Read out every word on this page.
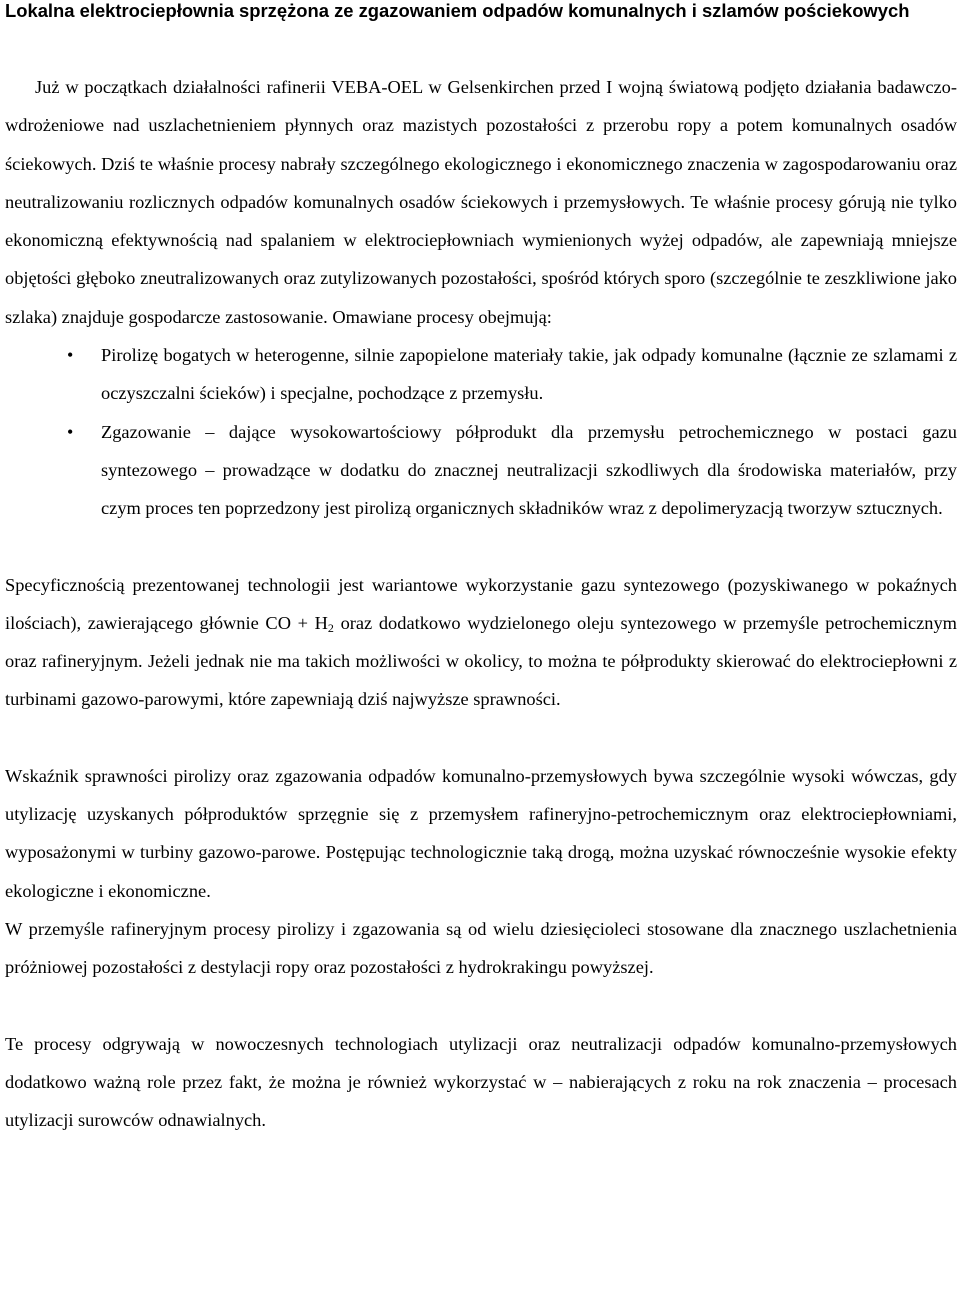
Lokalna elektrociepłownia sprzężona ze zgazowaniem odpadów komunalnych i szlamów pościekowych

Już w początkach działalności rafinerii VEBA-OEL w Gelsenkirchen przed I wojną światową podjęto działania badawczo-wdrożeniowe nad uszlachetnieniem płynnych oraz mazistych pozostałości z przerobu ropy a potem komunalnych osadów ściekowych. Dziś te właśnie procesy nabrały szczególnego ekologicznego i ekonomicznego znaczenia w zagospodarowaniu oraz neutralizowaniu rozlicznych odpadów komunalnych osadów ściekowych i przemysłowych. Te właśnie procesy górują nie tylko ekonomiczną efektywnością nad spalaniem w elektrociepłowniach wymienionych wyżej odpadów, ale zapewniają mniejsze objętości głęboko zneutralizowanych oraz zutylizowanych pozostałości, spośród których sporo (szczególnie te zeszkliwione jako szlaka) znajduje gospodarcze zastosowanie. Omawiane procesy obejmują:

• Pirolizę bogatych w heterogenne, silnie zapopielone materiały takie, jak odpady komunalne (łącznie ze szlamami z oczyszczalni ścieków) i specjalne, pochodzące z przemysłu.
• Zgazowanie – dające wysokowartościowy półprodukt dla przemysłu petrochemicznego w postaci gazu syntezowego – prowadzące w dodatku do znacznej neutralizacji szkodliwych dla środowiska materiałów, przy czym proces ten poprzedzony jest pirolizą organicznych składników wraz z depolimeryzacją tworzyw sztucznych.

Specyficznością prezentowanej technologii jest wariantowe wykorzystanie gazu syntezowego (pozyskiwanego w pokaźnych ilościach), zawierającego głównie CO + $H_2$ oraz dodatkowo wydzielonego oleju syntezowego w przemyśle petrochemicznym oraz rafineryjnym. Jeżeli jednak nie ma takich możliwości w okolicy, to można te półprodukty skierować do elektrociepłowni z turbinami gazowo-parowymi, które zapewniają dziś najwyższe sprawności.

Wskaźnik sprawności pirolizy oraz zgazowania odpadów komunalno-przemysłowych bywa szczególnie wysoki wówczas, gdy utylizację uzyskanych półproduktów sprzęgnie się z przemysłem rafineryjno-petrochemicznym oraz elektrociepłowniami, wyposażonymi w turbiny gazowo-parowe. Postępując technologicznie taką drogą, można uzyskać równocześnie wysokie efekty ekologiczne i ekonomiczne.

W przemyśle rafineryjnym procesy pirolizy i zgazowania są od wielu dziesięcioleci stosowane dla znacznego uszlachetnienia próżniowej pozostałości z destylacji ropy oraz pozostałości z hydrokrakingu powyższej.

Te procesy odgrywają w nowoczesnych technologiach utylizacji oraz neutralizacji odpadów komunalno-przemysłowych dodatkowo ważną role przez fakt, że można je również wykorzystać w – nabierających z roku na rok znaczenia – procesach utylizacji surowców odnawialnych.
